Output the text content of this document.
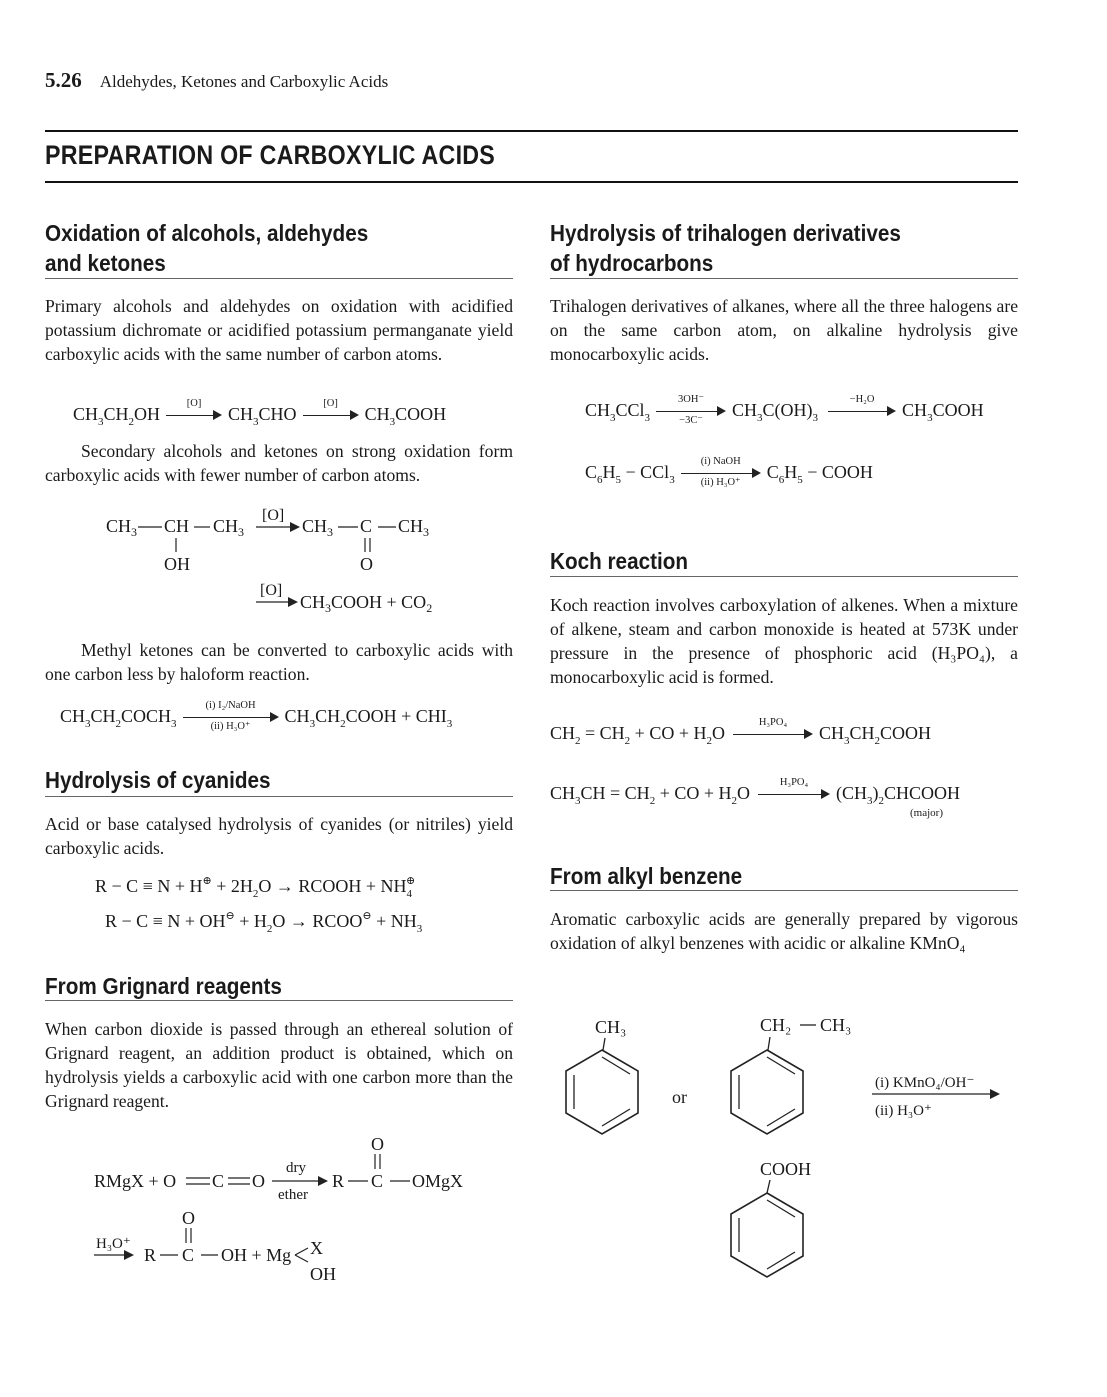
5.26 Aldehydes, Ketones and Carboxylic Acids
PREPARATION OF CARBOXYLIC ACIDS
Oxidation of alcohols, aldehydes
and ketones
Primary alcohols and aldehydes on oxidation with acidified potassium dichromate or acidified potassium permanganate yield carboxylic acids with the same number of carbon atoms.
$CH_3CH_2OH$
[O]
$CH_3CHO$
[O]
$CH_3COOH$
Secondary alcohols and ketones on strong oxidation form carboxylic acids with fewer number of carbon atoms.
$CH_3$ CH $CH_3$
OH
[O]
$CH_3$ C $CH_3$
O
[O]
$CH_3COOH + CO_2$
Methyl ketones can be converted to carboxylic acids with one carbon less by haloform reaction.
$CH_3CH_2COCH_3$
(i) I₂/NaOH
(ii) H₃O⁺
$CH_3CH_2COOH + CHI_3$
Hydrolysis of cyanides
Acid or base catalysed hydrolysis of cyanides (or nitriles) yield carboxylic acids.
$R - C \equiv N + H^\oplus + 2H_2O$ → RCOOH + $NH_4^\oplus$
$R - C \equiv N + OH^⊖ + H_2O$ → RCOO⊖ + $NH_3$
From Grignard reagents
When carbon dioxide is passed through an ethereal solution of Grignard reagent, an addition product is obtained, which on hydrolysis yields a carboxylic acid with one carbon more than the Grignard reagent.
RMgX + O C O
dry
ether
R C
O
OMgX
H₃O⁺
R C
O
OH + Mg X
OH
Hydrolysis of trihalogen derivatives
of hydrocarbons
Trihalogen derivatives of alkanes, where all the three halogens are on the same carbon atom, on alkaline hydrolysis give monocarboxylic acids.
$CH_3CCl_3$
3OH⁻
−3C⁻
$CH_3C(OH)_3$
−H₂O
$CH_3COOH$
$C_6H_5 - CCl_3$
(i) NaOH
(ii) H₃O⁺
$C_6H_5$ − COOH
Koch reaction
Koch reaction involves carboxylation of alkenes. When a mixture of alkene, steam and carbon monoxide is heated at 573K under pressure in the presence of phosphoric acid (H₃PO₄), a monocarboxylic acid is formed.
$CH_2 = CH_2$ + CO + $H_2O$
H₃PO₄
$CH_3CH_2COOH$
$CH_3CH = CH_2$ + CO + $H_2O$
H₃PO₄
$(CH_3)_2CHCOOH$
(major)
From alkyl benzene
Aromatic carboxylic acids are generally prepared by vigorous oxidation of alkyl benzenes with acidic or alkaline KMnO₄
CH₃
or
CH₂ CH₃
(i) KMnO₄/OH⁻
(ii) H₃O⁺
COOH
